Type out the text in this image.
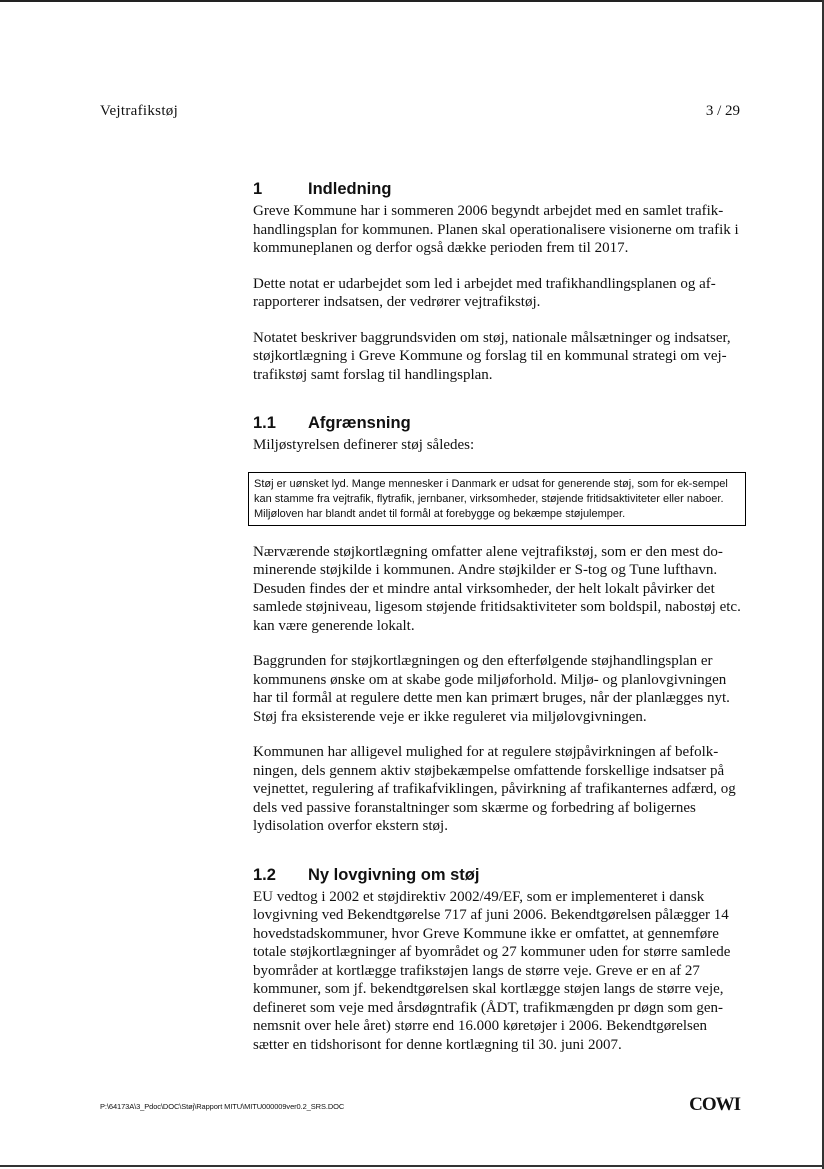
Vejtrafikstøj	3 / 29
1	Indledning

Greve Kommune har i sommeren 2006 begyndt arbejdet med en samlet trafik-handlingsplan for kommunen. Planen skal operationalisere visionerne om trafik i kommuneplanen og derfor også dække perioden frem til 2017.

Dette notat er udarbejdet som led i arbejdet med trafikhandlingsplanen og af-rapporterer indsatsen, der vedrører vejtrafikstøj.

Notatet beskriver baggrundsviden om støj, nationale målsætninger og indsatser, støjkortlægning i Greve Kommune og forslag til en kommunal strategi om vej-trafikstøj samt forslag til handlingsplan.

1.1 Afgrænsning

Miljøstyrelsen definerer støj således:

Støj er uønsket lyd. Mange mennesker i Danmark er udsat for generende støj, som for ek-sempel kan stamme fra vejtrafik, flytrafik, jernbaner, virksomheder, støjende fritidsaktiviteter eller naboer. Miljøloven har blandt andet til formål at forebygge og bekæmpe støjulemper.

Nærværende støjkortlægning omfatter alene vejtrafikstøj, som er den mest do-minerende støjkilde i kommunen. Andre støjkilder er S-tog og Tune lufthavn. Desuden findes der et mindre antal virksomheder, der helt lokalt påvirker det samlede støjniveau, ligesom støjende fritidsaktiviteter som boldspil, nabostøj etc. kan være generende lokalt.

Baggrunden for støjkortlægningen og den efterfølgende støjhandlingsplan er kommunens ønske om at skabe gode miljøforhold. Miljø- og planlovgivningen har til formål at regulere dette men kan primært bruges, når der planlægges nyt. Støj fra eksisterende veje er ikke reguleret via miljølovgivningen.

Kommunen har alligevel mulighed for at regulere støjpåvirkningen af befolk-ningen, dels gennem aktiv støjbekæmpelse omfattende forskellige indsatser på vejnettet, regulering af trafikafviklingen, påvirkning af trafikanternes adfærd, og dels ved passive foranstaltninger som skærme og forbedring af boligernes lydisolation overfor ekstern støj.

1.2 Ny lovgivning om støj

EU vedtog i 2002 et støjdirektiv 2002/49/EF, som er implementeret i dansk lovgivning ved Bekendtgørelse 717 af juni 2006. Bekendtgørelsen pålægger 14 hovedstadskommuner, hvor Greve Kommune ikke er omfattet, at gennemføre totale støjkortlægninger af byområdet og 27 kommuner uden for større samlede byområder at kortlægge trafikstøjen langs de større veje. Greve er en af 27 kommuner, som jf. bekendtgørelsen skal kortlægge støjen langs de større veje, defineret som veje med årsdøgntrafik (ÅDT, trafikmængden pr døgn som gen-nemsnit over hele året) større end 16.000 køretøjer i 2006. Bekendtgørelsen sætter en tidshorisont for denne kortlægning til 30. juni 2007.

P:\64173A\3_Pdoc\DOC\Støj\Rapport MITU\MITU000009ver0.2_SRS.DOC	COWI
